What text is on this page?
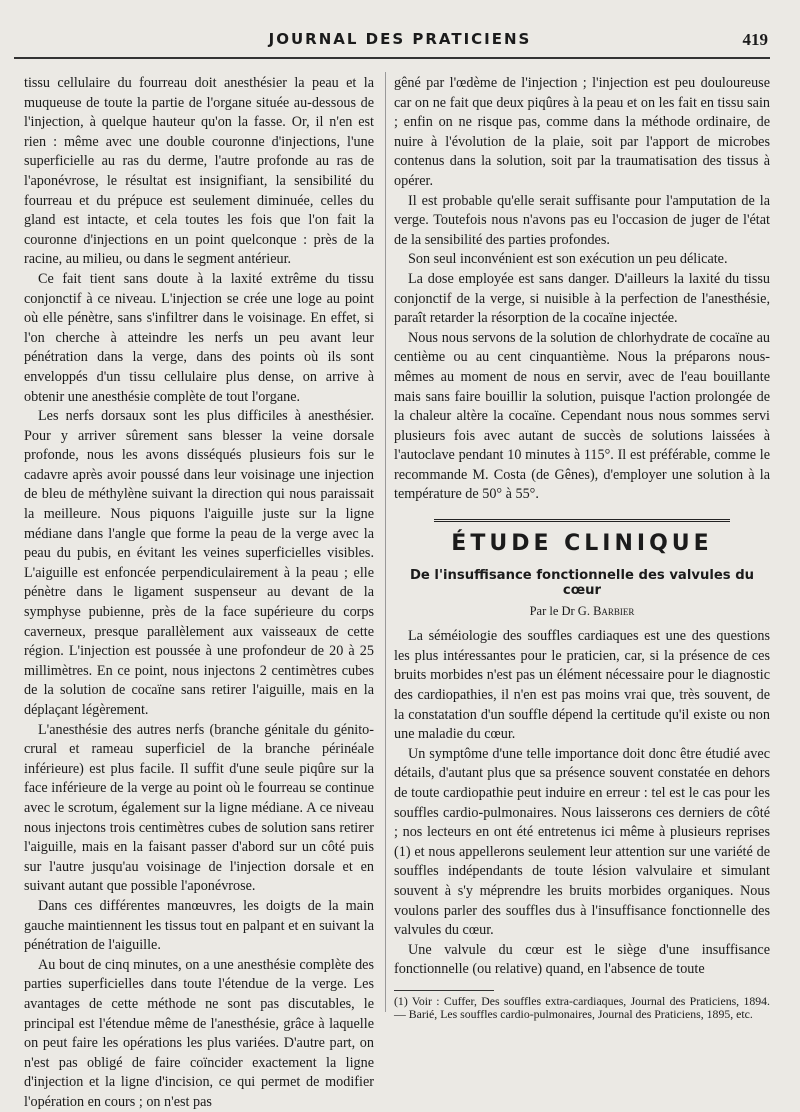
JOURNAL DES PRATICIENS	419

tissu cellulaire du fourreau doit anesthésier la peau et la muqueuse de toute la partie de l'organe située au-dessous de l'injection, à quelque hauteur qu'on la fasse. Or, il n'en est rien : même avec une double couronne d'injections, l'une superficielle au ras du derme, l'autre profonde au ras de l'aponévrose, le résultat est insignifiant, la sensibilité du fourreau et du prépuce est seulement diminuée, celles du gland est intacte, et cela toutes les fois que l'on fait la couronne d'injections en un point quelconque : près de la racine, au milieu, ou dans le segment antérieur.

Ce fait tient sans doute à la laxité extrême du tissu conjonctif à ce niveau. L'injection se crée une loge au point où elle pénètre, sans s'infiltrer dans le voisinage. En effet, si l'on cherche à atteindre les nerfs un peu avant leur pénétration dans la verge, dans des points où ils sont enveloppés d'un tissu cellulaire plus dense, on arrive à obtenir une anesthésie complète de tout l'organe.

Les nerfs dorsaux sont les plus difficiles à anesthésier. Pour y arriver sûrement sans blesser la veine dorsale profonde, nous les avons disséqués plusieurs fois sur le cadavre après avoir poussé dans leur voisinage une injection de bleu de méthylène suivant la direction qui nous paraissait la meilleure. Nous piquons l'aiguille juste sur la ligne médiane dans l'angle que forme la peau de la verge avec la peau du pubis, en évitant les veines superficielles visibles. L'aiguille est enfoncée perpendiculairement à la peau ; elle pénètre dans le ligament suspenseur au devant de la symphyse pubienne, près de la face supérieure du corps caverneux, presque parallèlement aux vaisseaux de cette région. L'injection est poussée à une profondeur de 20 à 25 millimètres. En ce point, nous injectons 2 centimètres cubes de la solution de cocaïne sans retirer l'aiguille, mais en la déplaçant légèrement.

L'anesthésie des autres nerfs (branche génitale du génito-crural et rameau superficiel de la branche périnéale inférieure) est plus facile. Il suffit d'une seule piqûre sur la face inférieure de la verge au point où le fourreau se continue avec le scrotum, également sur la ligne médiane. A ce niveau nous injectons trois centimètres cubes de solution sans retirer l'aiguille, mais en la faisant passer d'abord sur un côté puis sur l'autre jusqu'au voisinage de l'injection dorsale et en suivant autant que possible l'aponévrose.

Dans ces différentes manœuvres, les doigts de la main gauche maintiennent les tissus tout en palpant et en suivant la pénétration de l'aiguille.

Au bout de cinq minutes, on a une anesthésie complète des parties superficielles dans toute l'étendue de la verge. Les avantages de cette méthode ne sont pas discutables, le principal est l'étendue même de l'anesthésie, grâce à laquelle on peut faire les opérations les plus variées. D'autre part, on n'est pas obligé de faire coïncider exactement la ligne d'injection et la ligne d'incision, ce qui permet de modifier l'opération en cours ; on n'est pas

gêné par l'œdème de l'injection ; l'injection est peu douloureuse car on ne fait que deux piqûres à la peau et on les fait en tissu sain ; enfin on ne risque pas, comme dans la méthode ordinaire, de nuire à l'évolution de la plaie, soit par l'apport de microbes contenus dans la solution, soit par la traumatisation des tissus à opérer.

Il est probable qu'elle serait suffisante pour l'amputation de la verge. Toutefois nous n'avons pas eu l'occasion de juger de l'état de la sensibilité des parties profondes.

Son seul inconvénient est son exécution un peu délicate.

La dose employée est sans danger. D'ailleurs la laxité du tissu conjonctif de la verge, si nuisible à la perfection de l'anesthésie, paraît retarder la résorption de la cocaïne injectée.

Nous nous servons de la solution de chlorhydrate de cocaïne au centième ou au cent cinquantième. Nous la préparons nous-mêmes au moment de nous en servir, avec de l'eau bouillante mais sans faire bouillir la solution, puisque l'action prolongée de la chaleur altère la cocaïne. Cependant nous nous sommes servi plusieurs fois avec autant de succès de solutions laissées à l'autoclave pendant 10 minutes à 115°. Il est préférable, comme le recommande M. Costa (de Gênes), d'employer une solution à la température de 50° à 55°.

ÉTUDE CLINIQUE
De l'insuffisance fonctionnelle des valvules du cœur
Par le Dr G. Barbier

La séméiologie des souffles cardiaques est une des questions les plus intéressantes pour le praticien, car, si la présence de ces bruits morbides n'est pas un élément nécessaire pour le diagnostic des cardiopathies, il n'en est pas moins vrai que, très souvent, de la constatation d'un souffle dépend la certitude qu'il existe ou non une maladie du cœur.

Un symptôme d'une telle importance doit donc être étudié avec détails, d'autant plus que sa présence souvent constatée en dehors de toute cardiopathie peut induire en erreur : tel est le cas pour les souffles cardio-pulmonaires. Nous laisserons ces derniers de côté ; nos lecteurs en ont été entretenus ici même à plusieurs reprises (1) et nous appellerons seulement leur attention sur une variété de souffles indépendants de toute lésion valvulaire et simulant souvent à s'y méprendre les bruits morbides organiques. Nous voulons parler des souffles dus à l'insuffisance fonctionnelle des valvules du cœur.

Une valvule du cœur est le siège d'une insuffisance fonctionnelle (ou relative) quand, en l'absence de toute

(1) Voir : Cuffer, Des souffles extra-cardiaques, Journal des Praticiens, 1894. — Barié, Les souffles cardio-pulmonaires, Journal des Praticiens, 1895, etc.
